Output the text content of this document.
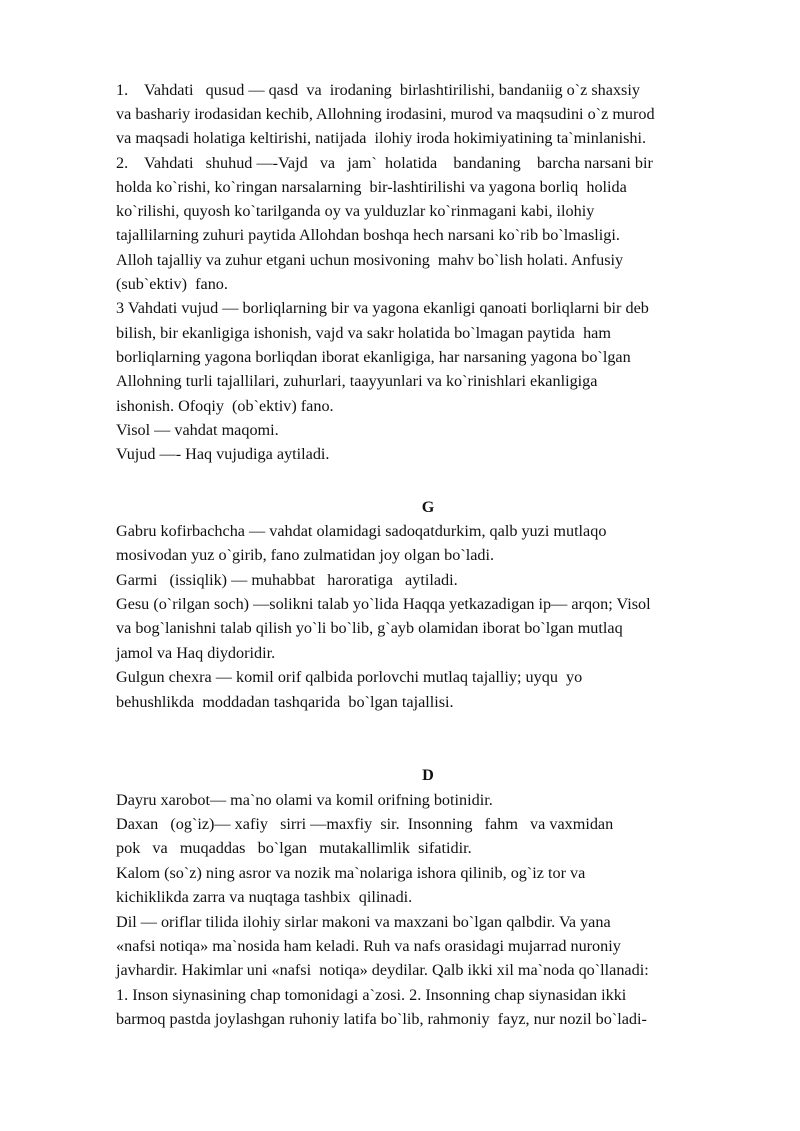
1.    Vahdati   qusud — qasd  va  irodaning  birlashtirilishi, bandaniig o`z shaxsiy
va bashariy irodasidan kechib, Allohning irodasini, murod va maqsudini o`z murod
va maqsadi holatiga keltirishi, natijada  ilohiy iroda hokimiyatining ta`minlanishi.
2.    Vahdati   shuhud —-Vajd   va   jam`  holatida    bandaning    barcha narsani bir
holda ko`rishi, ko`ringan narsalarning  bir-lashtirilishi va yagona borliq  holida
ko`rilishi, quyosh ko`tarilganda oy va yulduzlar ko`rinmagani kabi, ilohiy
tajallilarning zuhuri paytida Allohdan boshqa hech narsani ko`rib bo`lmasligi.
Alloh tajalliy va zuhur etgani uchun mosivoning  mahv bo`lish holati. Anfusiy
(sub`ektiv)  fano.
3 Vahdati vujud — borliqlarning bir va yagona ekanligi qanoati borliqlarni bir deb
bilish, bir ekanligiga ishonish, vajd va sakr holatida bo`lmagan paytida  ham
borliqlarning yagona borliqdan iborat ekanligiga, har narsaning yagona bo`lgan
Allohning turli tajallilari, zuhurlari, taayyunlari va ko`rinishlari ekanligiga
ishonish. Ofoqiy  (ob`ektiv) fano.
Visol — vahdat maqomi.
Vujud —- Haq vujudiga aytiladi.
G
Gabru kofirbachcha — vahdat olamidagi sadoqatdurkim, qalb yuzi mutlaqo
mosivodan yuz o`girib, fano zulmatidan joy olgan bo`ladi.
Garmi   (issiqlik) — muhabbat   haroratiga   aytiladi.
Gesu (o`rilgan soch) —solikni talab yo`lida Haqqa yetkazadigan ip— arqon; Visol
va bog`lanishni talab qilish yo`li bo`lib, g`ayb olamidan iborat bo`lgan mutlaq
jamol va Haq diydoridir.
Gulgun chexra — komil orif qalbida porlovchi mutlaq tajalliy; uyqu  yo
behushlikda  moddadan tashqarida  bo`lgan tajallisi.
D
Dayru xarobot— ma`no olami va komil orifning botinidir.
Daxan   (og`iz)— xafiy   sirri —maxfiy  sir.  Insonning   fahm   va vaxmidan
pok   va   muqaddas   bo`lgan   mutakallimlik  sifatidir.
Kalom (so`z) ning asror va nozik ma`nolariga ishora qilinib, og`iz tor va
kichiklikda zarra va nuqtaga tashbix  qilinadi.
Dil — oriflar tilida ilohiy sirlar makoni va maxzani bo`lgan qalbdir. Va yana
«nafsi notiqa» ma`nosida ham keladi. Ruh va nafs orasidagi mujarrad nuroniy
javhardir. Hakimlar uni «nafsi  notiqa» deydilar. Qalb ikki xil ma`noda qo`llanadi:
1. Inson siynasining chap tomonidagi a`zosi. 2. Insonning chap siynasidan ikki
barmoq pastda joylashgan ruhoniy latifa bo`lib, rahmoniy  fayz, nur nozil bo`ladi-
